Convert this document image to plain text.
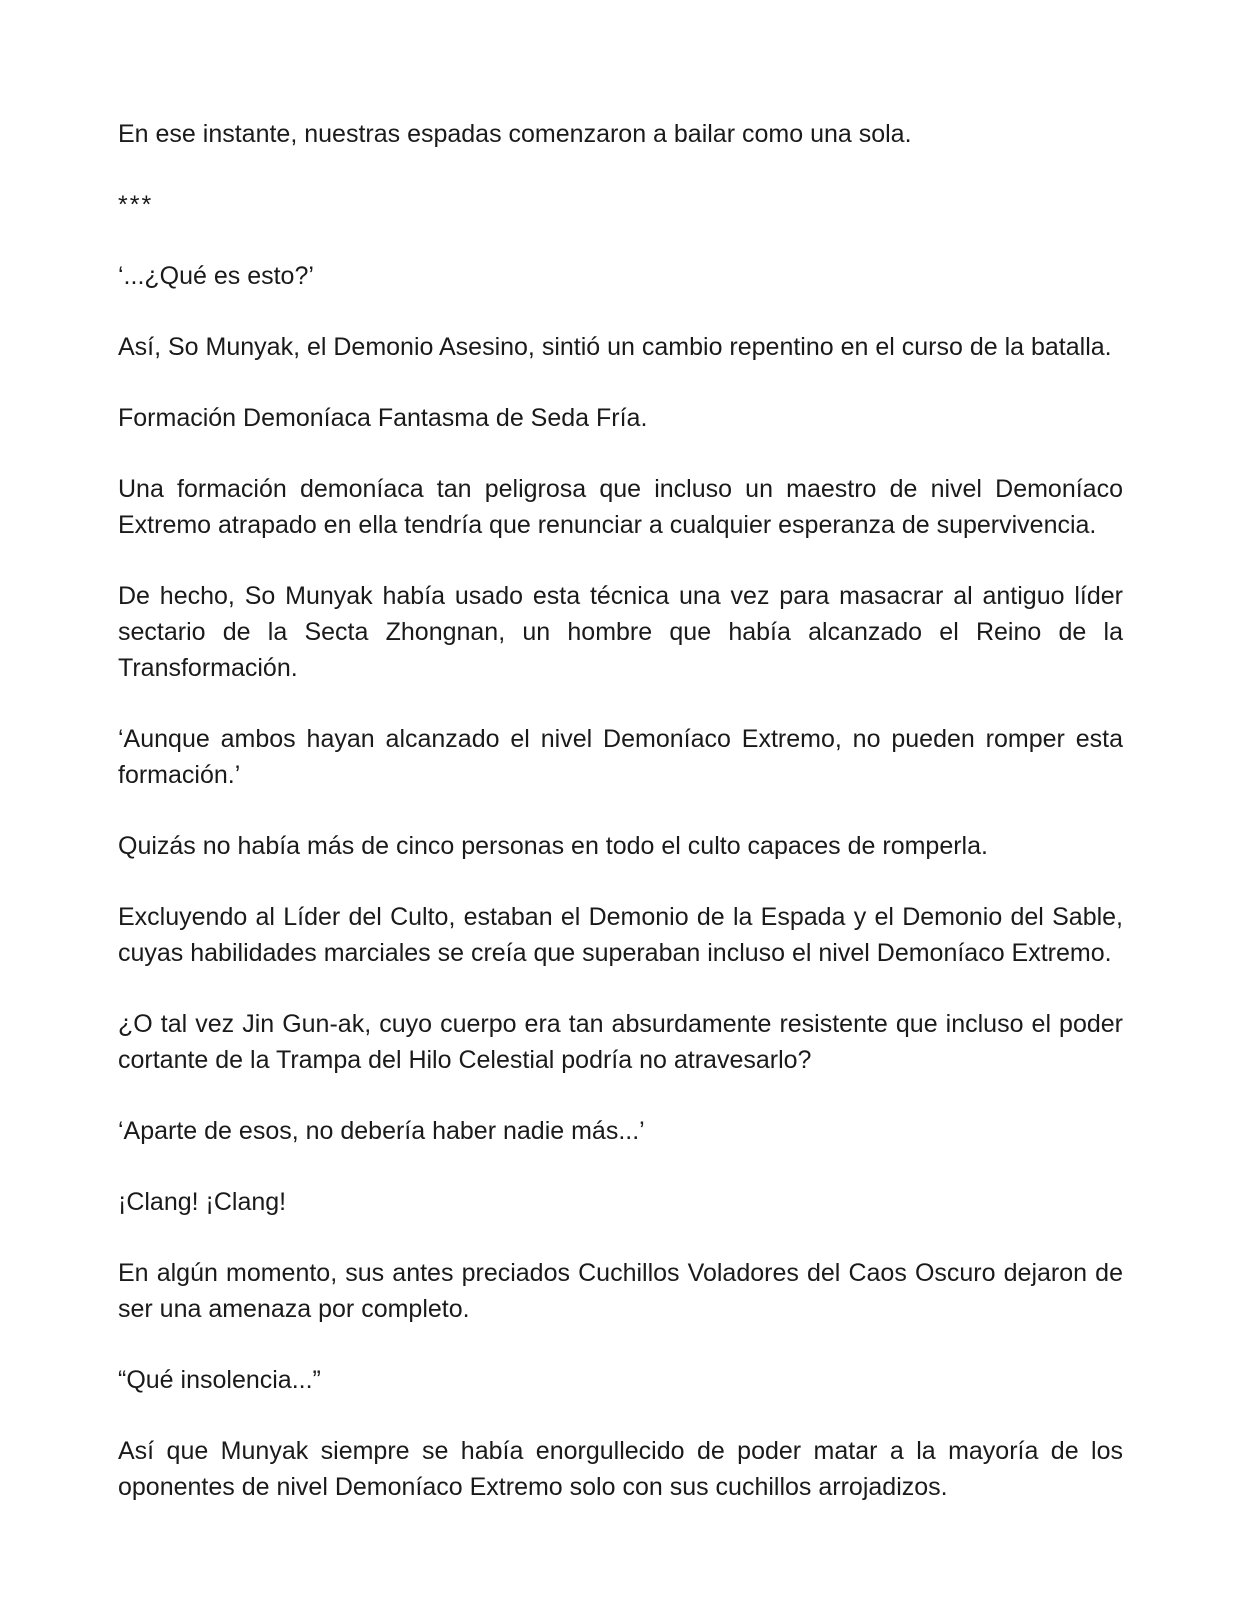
En ese instante, nuestras espadas comenzaron a bailar como una sola.

***

‘...¿Qué es esto?’

Así, So Munyak, el Demonio Asesino, sintió un cambio repentino en el curso de la batalla.

Formación Demoníaca Fantasma de Seda Fría.

Una formación demoníaca tan peligrosa que incluso un maestro de nivel Demoníaco Extremo atrapado en ella tendría que renunciar a cualquier esperanza de supervivencia.

De hecho, So Munyak había usado esta técnica una vez para masacrar al antiguo líder sectario de la Secta Zhongnan, un hombre que había alcanzado el Reino de la Transformación.

‘Aunque ambos hayan alcanzado el nivel Demoníaco Extremo, no pueden romper esta formación.’

Quizás no había más de cinco personas en todo el culto capaces de romperla.

Excluyendo al Líder del Culto, estaban el Demonio de la Espada y el Demonio del Sable, cuyas habilidades marciales se creía que superaban incluso el nivel Demoníaco Extremo.

¿O tal vez Jin Gun-ak, cuyo cuerpo era tan absurdamente resistente que incluso el poder cortante de la Trampa del Hilo Celestial podría no atravesarlo?

‘Aparte de esos, no debería haber nadie más...’

¡Clang! ¡Clang!

En algún momento, sus antes preciados Cuchillos Voladores del Caos Oscuro dejaron de ser una amenaza por completo.

“Qué insolencia...”

Así que Munyak siempre se había enorgullecido de poder matar a la mayoría de los oponentes de nivel Demoníaco Extremo solo con sus cuchillos arrojadizos.
